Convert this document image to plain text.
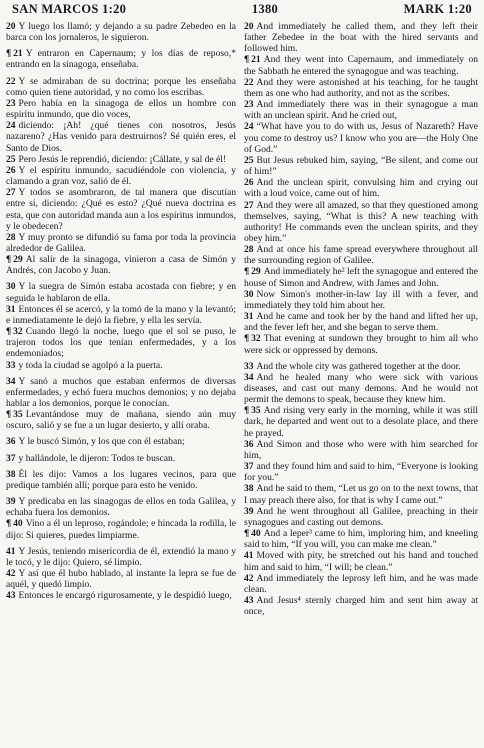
SAN MARCOS 1:20	1380	MARK 1:20

20 Y luego los llamó; y dejando a su padre Zebedeo en la barca con los jornaleros, le siguieron.

¶ 21 Y entraron en Capernaum; y los días de reposo,* entrando en la sinagoga, enseñaba.

22 Y se admiraban de su doctrina; porque les enseñaba como quien tiene autoridad, y no como los escribas.

23 Pero había en la sinagoga de ellos un hombre con espíritu inmundo, que dio voces,

24 diciendo: ¡Ah! ¿qué tienes con nosotros, Jesús nazareno? ¿Has venido para destruirnos? Sé quién eres, el Santo de Dios.

25 Pero Jesús le reprendió, diciendo: ¡Cállate, y sal de él!

26 Y el espíritu inmundo, sacudiéndole con violencia, y clamando a gran voz, salió de él.

27 Y todos se asombraron, de tal manera que discutían entre sí, diciendo: ¿Qué es esto? ¿Qué nueva doctrina es esta, que con autoridad manda aun a los espíritus inmundos, y le obedecen?

28 Y muy pronto se difundió su fama por toda la provincia alrededor de Galilea.

¶ 29 Al salir de la sinagoga, vinieron a casa de Simón y Andrés, con Jacobo y Juan.

30 Y la suegra de Simón estaba acostada con fiebre; y en seguida le hablaron de ella.

31 Entonces él se acercó, y la tomó de la mano y la levantó; e inmediatamente le dejó la fiebre, y ella les servía.

¶ 32 Cuando llegó la noche, luego que el sol se puso, le trajeron todos los que tenían enfermedades, y a los endemoniados;

33 y toda la ciudad se agolpó a la puerta.

34 Y sanó a muchos que estaban enfermos de diversas enfermedades, y echó fuera muchos demonios; y no dejaba hablar a los demonios, porque le conocían.

¶ 35 Levantándose muy de mañana, siendo aún muy oscuro, salió y se fue a un lugar desierto, y allí oraba.

36 Y le buscó Simón, y los que con él estaban;

37 y hallándole, le dijeron: Todos te buscan.

38 Él les dijo: Vamos a los lugares vecinos, para que predique también allí; porque para esto he venido.

39 Y predicaba en las sinagogas de ellos en toda Galilea, y echaba fuera los demonios.

¶ 40 Vino a él un leproso, rogándole; e hincada la rodilla, le dijo: Si quieres, puedes limpiarme.

41 Y Jesús, teniendo misericordia de él, extendió la mano y le tocó, y le dijo: Quiero, sé limpio.

42 Y así que él hubo hablado, al instante la lepra se fue de aquél, y quedó limpio.

43 Entonces le encargó rigurosamente, y le despidió luego,

20 And immediately he called them, and they left their father Zebedee in the boat with the hired servants and followed him.

¶ 21 And they went into Capernaum, and immediately on the Sabbath he entered the synagogue and was teaching.

22 And they were astonished at his teaching, for he taught them as one who had authority, and not as the scribes.

23 And immediately there was in their synagogue a man with an unclean spirit. And he cried out,

24 “What have you to do with us, Jesus of Nazareth? Have you come to destroy us? I know who you are—the Holy One of God.”

25 But Jesus rebuked him, saying, “Be silent, and come out of him!”

26 And the unclean spirit, convulsing him and crying out with a loud voice, came out of him.

27 And they were all amazed, so that they questioned among themselves, saying, “What is this? A new teaching with authority! He commands even the unclean spirits, and they obey him.”

28 And at once his fame spread everywhere throughout all the surrounding region of Galilee.

¶ 29 And immediately he² left the synagogue and entered the house of Simon and Andrew, with James and John.

30 Now Simon's mother-in-law lay ill with a fever, and immediately they told him about her.

31 And he came and took her by the hand and lifted her up, and the fever left her, and she began to serve them.

¶ 32 That evening at sundown they brought to him all who were sick or oppressed by demons.

33 And the whole city was gathered together at the door.

34 And he healed many who were sick with various diseases, and cast out many demons. And he would not permit the demons to speak, because they knew him.

¶ 35 And rising very early in the morning, while it was still dark, he departed and went out to a desolate place, and there he prayed.

36 And Simon and those who were with him searched for him,

37 and they found him and said to him, “Everyone is looking for you.”

38 And he said to them, “Let us go on to the next towns, that I may preach there also, for that is why I came out.”

39 And he went throughout all Galilee, preaching in their synagogues and casting out demons.

¶ 40 And a leper³ came to him, imploring him, and kneeling said to him, “If you will, you can make me clean.”

41 Moved with pity, he stretched out his hand and touched him and said to him, “I will; be clean.”

42 And immediately the leprosy left him, and he was made clean.

43 And Jesus⁴ sternly charged him and sent him away at once,
